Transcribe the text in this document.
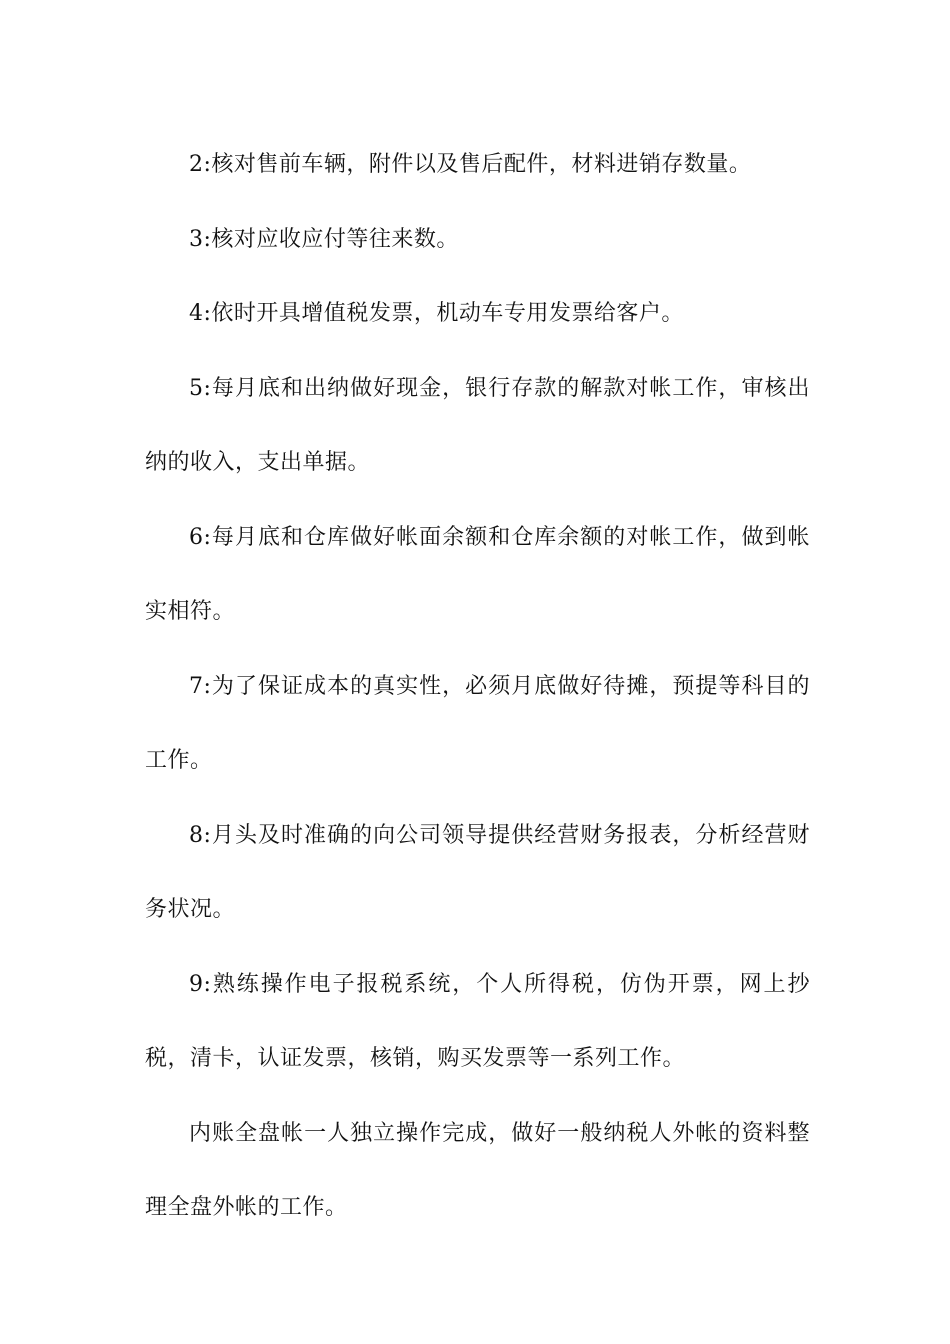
2:核对售前车辆，附件以及售后配件，材料进销存数量。

3:核对应收应付等往来数。

4:依时开具增值税发票，机动车专用发票给客户。

5:每月底和出纳做好现金，银行存款的解款对帐工作，审核出纳的收入，支出单据。

6:每月底和仓库做好帐面余额和仓库余额的对帐工作，做到帐实相符。

7:为了保证成本的真实性，必须月底做好待摊，预提等科目的工作。

8:月头及时准确的向公司领导提供经营财务报表，分析经营财务状况。

9:熟练操作电子报税系统，个人所得税，仿伪开票，网上抄税，清卡，认证发票，核销，购买发票等一系列工作。

内账全盘帐一人独立操作完成，做好一般纳税人外帐的资料整理全盘外帐的工作。
